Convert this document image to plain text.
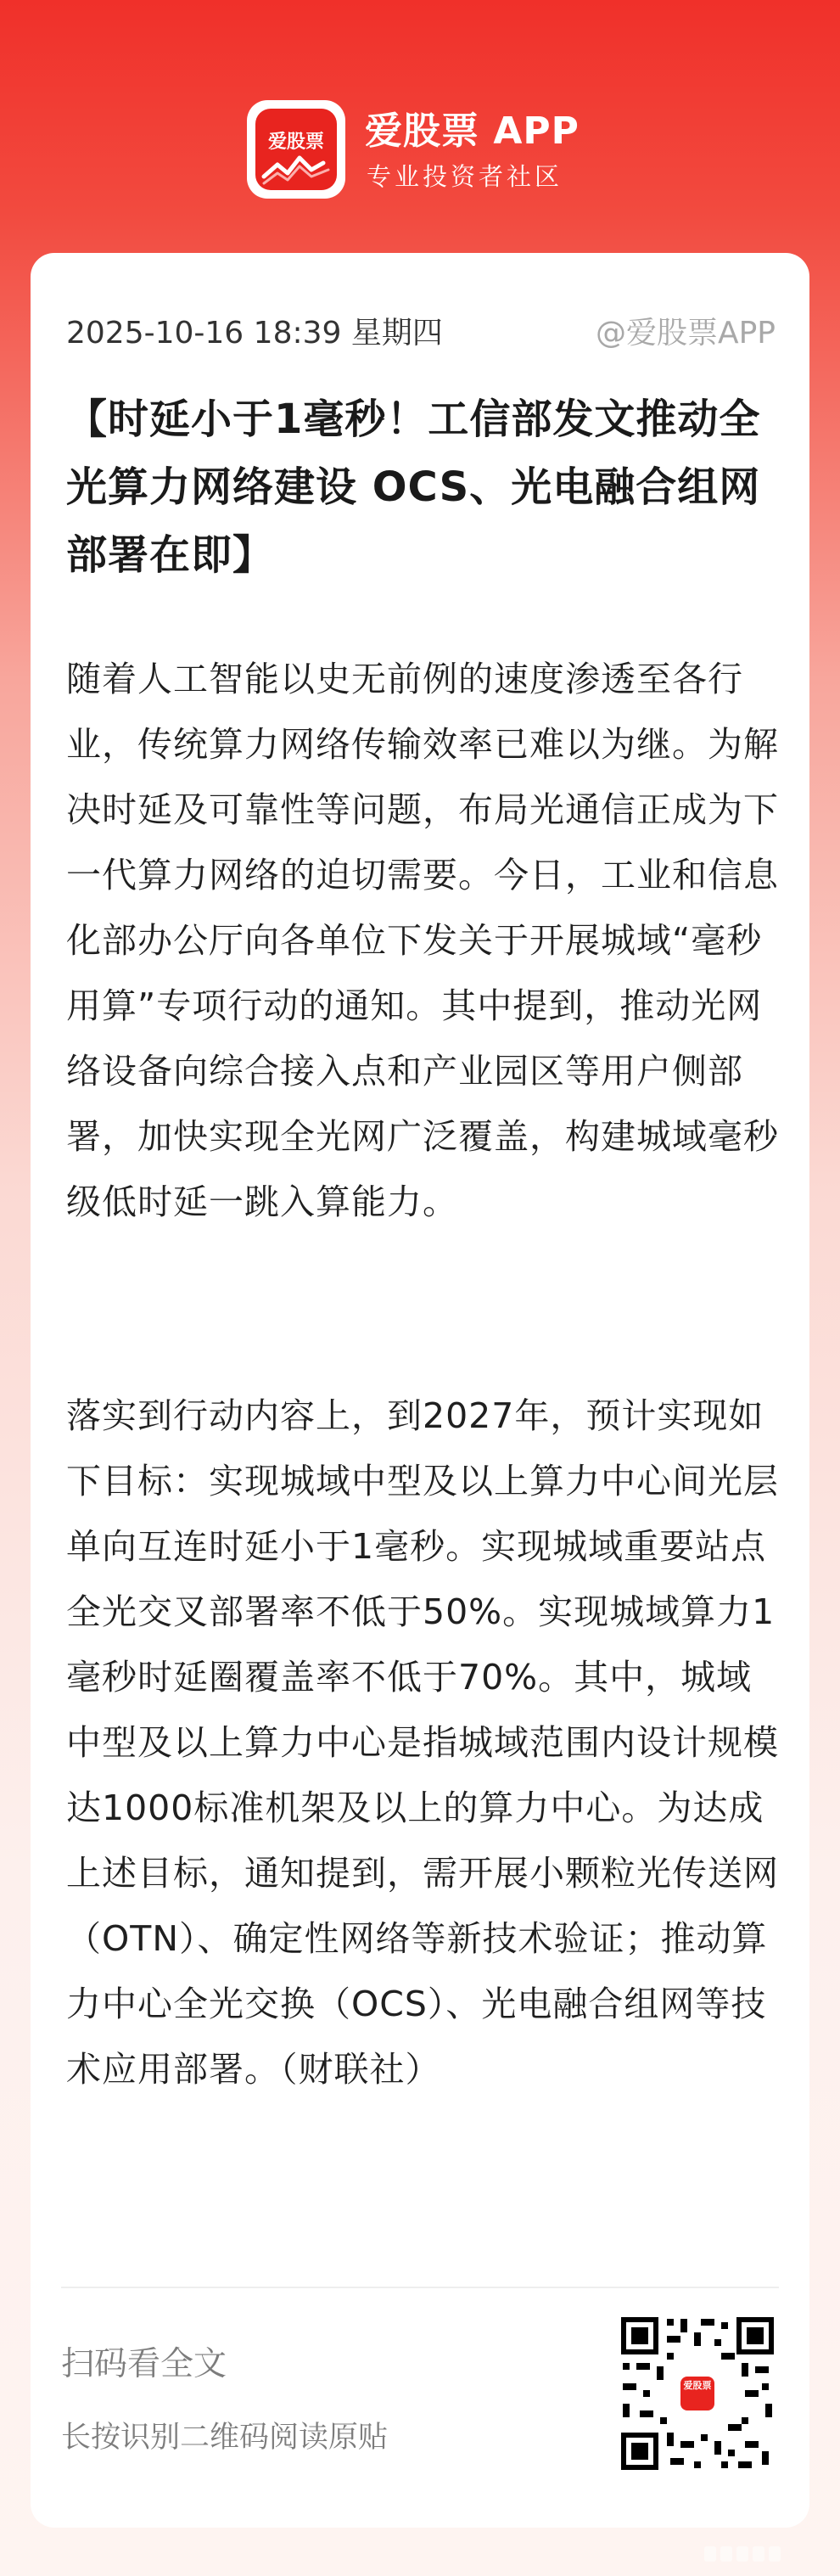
爱股票	爱股票 APP
专业投资者社区
2025-10-16 18:39 星期四	@爱股票APP
【时延小于1毫秒！工信部发文推动全光算力网络建设 OCS、光电融合组网部署在即】
随着人工智能以史无前例的速度渗透至各行业，传统算力网络传输效率已难以为继。为解决时延及可靠性等问题，布局光通信正成为下一代算力网络的迫切需要。今日，工业和信息化部办公厅向各单位下发关于开展城域“毫秒用算”专项行动的通知。其中提到，推动光网络设备向综合接入点和产业园区等用户侧部署，加快实现全光网广泛覆盖，构建城域毫秒级低时延一跳入算能力。
落实到行动内容上，到2027年，预计实现如下目标：实现城域中型及以上算力中心间光层单向互连时延小于1毫秒。实现城域重要站点全光交叉部署率不低于50%。实现城域算力1毫秒时延圈覆盖率不低于70%。其中，城域中型及以上算力中心是指城域范围内设计规模达1000标准机架及以上的算力中心。为达成上述目标，通知提到，需开展小颗粒光传送网（OTN）、确定性网络等新技术验证；推动算力中心全光交换（OCS）、光电融合组网等技术应用部署。（财联社）
扫码看全文
长按识别二维码阅读原贴
爱股票
